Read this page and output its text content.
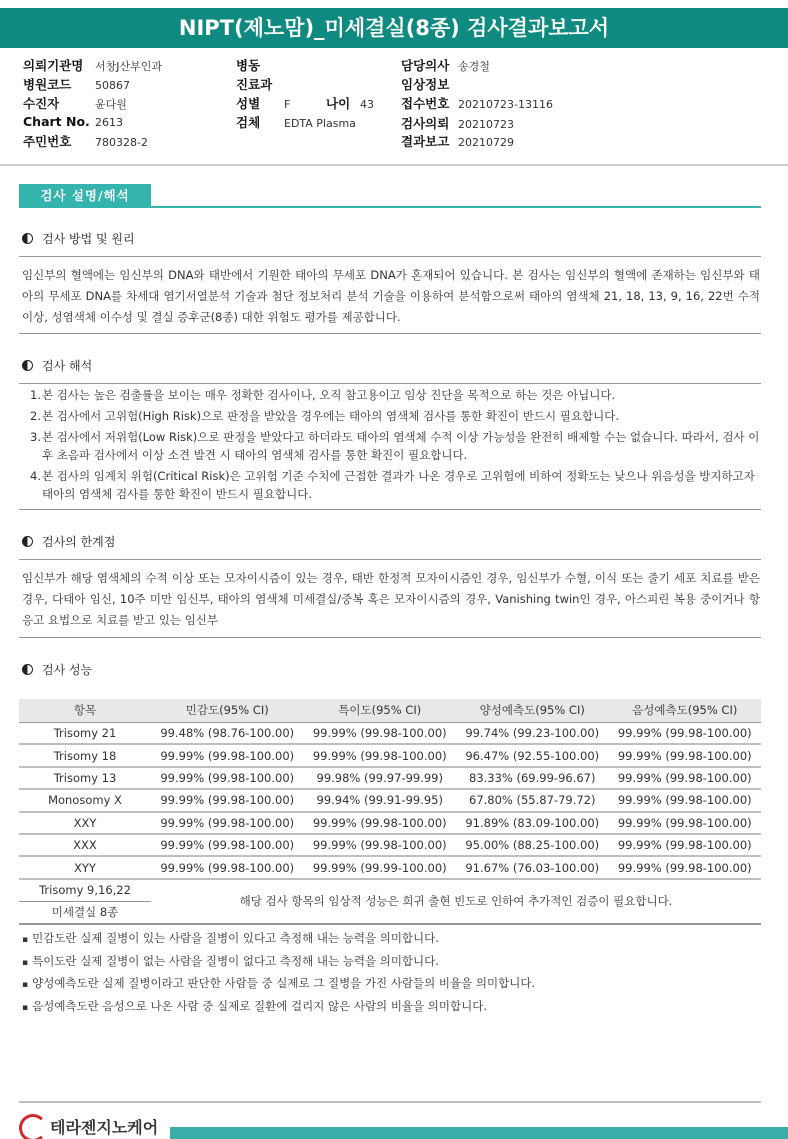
NIPT(제노맘)_미세결실(8종) 검사결과보고서
의뢰기관명 서창J산부인과
병원코드 50867
수진자	윤다원
Chart No. 2613
주민번호 780328-2
병동
진료과
성별 F	나이 43
검체 EDTA Plasma
담당의사 송경철
임상정보
접수번호 20210723-13116
검사의뢰 20210723
결과보고 20210729
검사 설명/해석
검사 방법 및 원리
임신부의 혈액에는 임신부의 DNA와 태반에서 기원한 태아의 무세포 DNA가 혼재되어 있습니다. 본 검사는 임신부의 혈액에 존재하는 임신부와 태아의 무세포 DNA를 차세대 염기서열분석 기술과 첨단 정보처리 분석 기술을 이용하여 분석함으로써 태아의 염색체 21, 18, 13, 9, 16, 22번 수적 이상, 성염색체 이수성 및 결실 증후군(8종) 대한 위험도 평가를 제공합니다.
검사 해석
1. 본 검사는 높은 검출률을 보이는 매우 정확한 검사이나, 오직 참고용이고 임상 진단을 목적으로 하는 것은 아닙니다.
2. 본 검사에서 고위험(High Risk)으로 판정을 받았을 경우에는 태아의 염색체 검사를 통한 확진이 반드시 필요합니다.
3. 본 검사에서 저위험(Low Risk)으로 판정을 받았다고 하더라도 태아의 염색체 수적 이상 가능성을 완전히 배제할 수는 없습니다. 따라서, 검사 이후 초음파 검사에서 이상 소견 발견 시 태아의 염색체 검사를 통한 확진이 필요합니다.
4. 본 검사의 임계치 위험(Critical Risk)은 고위험 기준 수치에 근접한 결과가 나온 경우로 고위험에 비하여 정확도는 낮으나 위음성을 방지하고자 태아의 염색체 검사를 통한 확진이 반드시 필요합니다.
검사의 한계점
임신부가 해당 염색체의 수적 이상 또는 모자이시즘이 있는 경우, 태반 한정적 모자이시즘인 경우, 임신부가 수혈, 이식 또는 줄기 세포 치료를 받은 경우, 다태아 임신, 10주 미만 임신부, 태아의 염색체 미세결실/중복 혹은 모자이시즘의 경우, Vanishing twin인 경우, 아스피린 복용 중이거나 항 응고 요법으로 치료를 받고 있는 임신부
검사 성능
항목	민감도(95% CI)	특이도(95% CI)	양성예측도(95% CI)	음성예측도(95% CI)
Trisomy 21	99.48% (98.76-100.00)	99.99% (99.98-100.00)	99.74% (99.23-100.00)	99.99% (99.98-100.00)
Trisomy 18	99.99% (99.98-100.00)	99.99% (99.98-100.00)	96.47% (92.55-100.00)	99.99% (99.98-100.00)
Trisomy 13	99.99% (99.98-100.00)	99.98% (99.97-99.99)	83.33% (69.99-96.67)	99.99% (99.98-100.00)
Monosomy X	99.99% (99.98-100.00)	99.94% (99.91-99.95)	67.80% (55.87-79.72)	99.99% (99.98-100.00)
XXY	99.99% (99.98-100.00)	99.99% (99.98-100.00)	91.89% (83.09-100.00)	99.99% (99.98-100.00)
XXX	99.99% (99.98-100.00)	99.99% (99.98-100.00)	95.00% (88.25-100.00)	99.99% (99.98-100.00)
XYY	99.99% (99.98-100.00)	99.99% (99.99-100.00)	91.67% (76.03-100.00)	99.99% (99.98-100.00)
Trisomy 9,16,22	해당 검사 항목의 임상적 성능은 희귀 출현 빈도로 인하여 추가적인 검증이 필요합니다.			
미세결실 8종				
▪ 민감도란 실제 질병이 있는 사람을 질병이 있다고 측정해 내는 능력을 의미합니다.
▪ 특이도란 실제 질병이 없는 사람을 질병이 없다고 측정해 내는 능력을 의미합니다.
▪ 양성예측도란 실제 질병이라고 판단한 사람들 중 실제로 그 질병을 가진 사람들의 비율을 의미합니다.
▪ 음성예측도란 음성으로 나온 사람 중 실제로 질환에 걸리지 않은 사람의 비율을 의미합니다.
테라젠지노케어
